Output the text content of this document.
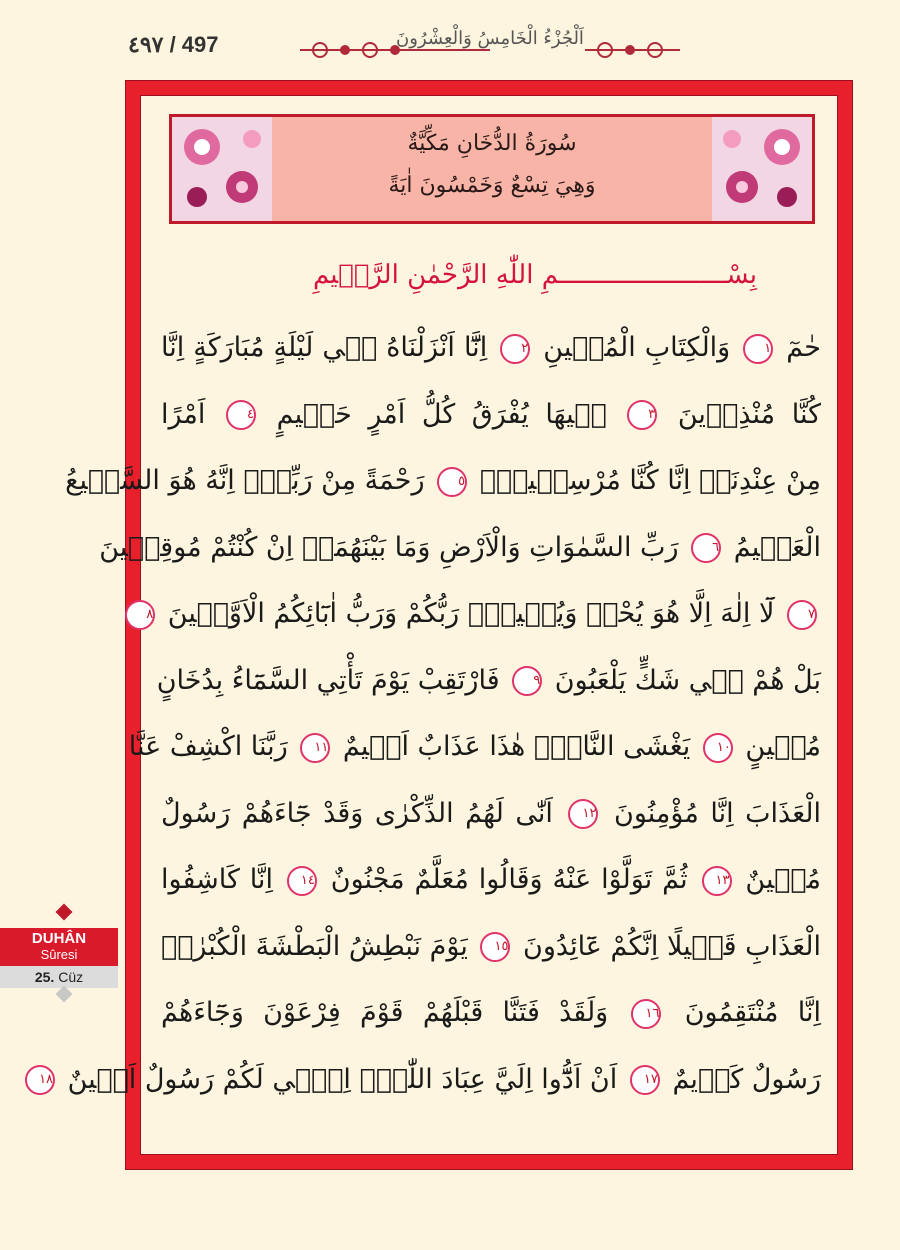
٤٩٧ / 497	اَلْجُزْءُ الْخَامِسُ وَالْعِشْرُونَ
سُورَةُ الدُّخَانِ مَكِّيَّةٌ
وَهِيَ تِسْعٌ وَخَمْسُونَ اٰيَةً
بِسْــــــــــــــــــــــمِ اللّٰهِ الرَّحْمٰنِ الرَّح۪يمِ
حٰمٓ ١ وَالْكِتَابِ الْمُب۪ينِ ٢ اِنَّٓا اَنْزَلْنَاهُ ف۪ي لَيْلَةٍ مُبَارَكَةٍ اِنَّا
كُنَّا مُنْذِر۪ينَ ٣ ف۪يهَا يُفْرَقُ كُلُّ اَمْرٍ حَك۪يمٍ ٤ اَمْرًا
مِنْ عِنْدِنَاۜ اِنَّا كُنَّا مُرْسِل۪ينَۚ ٥ رَحْمَةً مِنْ رَبِّكَۜ اِنَّهُ هُوَ السَّم۪يعُ
الْعَل۪يمُ ٦ رَبِّ السَّمٰوَاتِ وَالْاَرْضِ وَمَا بَيْنَهُمَاۢ اِنْ كُنْتُمْ مُوقِن۪ينَ
٧ لَٓا اِلٰهَ اِلَّا هُوَ يُحْي۪ وَيُم۪يتُۜ رَبُّكُمْ وَرَبُّ اٰبَٓائِكُمُ الْاَوَّل۪ينَ ٨
بَلْ هُمْ ف۪ي شَكٍّ يَلْعَبُونَ ٩ فَارْتَقِبْ يَوْمَ تَأْتِي السَّمَٓاءُ بِدُخَانٍ
مُب۪ينٍ ١٠ يَغْشَى النَّاسَۜ هٰذَا عَذَابٌ اَل۪يمٌ ١١ رَبَّنَا اكْشِفْ عَنَّا
الْعَذَابَ اِنَّا مُؤْمِنُونَ ١٢ اَنّٰى لَهُمُ الذِّكْرٰى وَقَدْ جَٓاءَهُمْ رَسُولٌ
مُب۪ينٌ ١٣ ثُمَّ تَوَلَّوْا عَنْهُ وَقَالُوا مُعَلَّمٌ مَجْنُونٌ ١٤ اِنَّا كَاشِفُوا
الْعَذَابِ قَل۪يلًا اِنَّكُمْ عَٓائِدُونَ ١٥ يَوْمَ نَبْطِشُ الْبَطْشَةَ الْكُبْرٰىۚ
اِنَّا مُنْتَقِمُونَ ١٦ وَلَقَدْ فَتَنَّا قَبْلَهُمْ قَوْمَ فِرْعَوْنَ وَجَٓاءَهُمْ
رَسُولٌ كَر۪يمٌ ١٧ اَنْ اَدُّٓوا اِلَيَّ عِبَادَ اللّٰهِۜ اِنّ۪ي لَكُمْ رَسُولٌ اَم۪ينٌ ١٨
DUHÂN
Sûresi
25. Cüz
